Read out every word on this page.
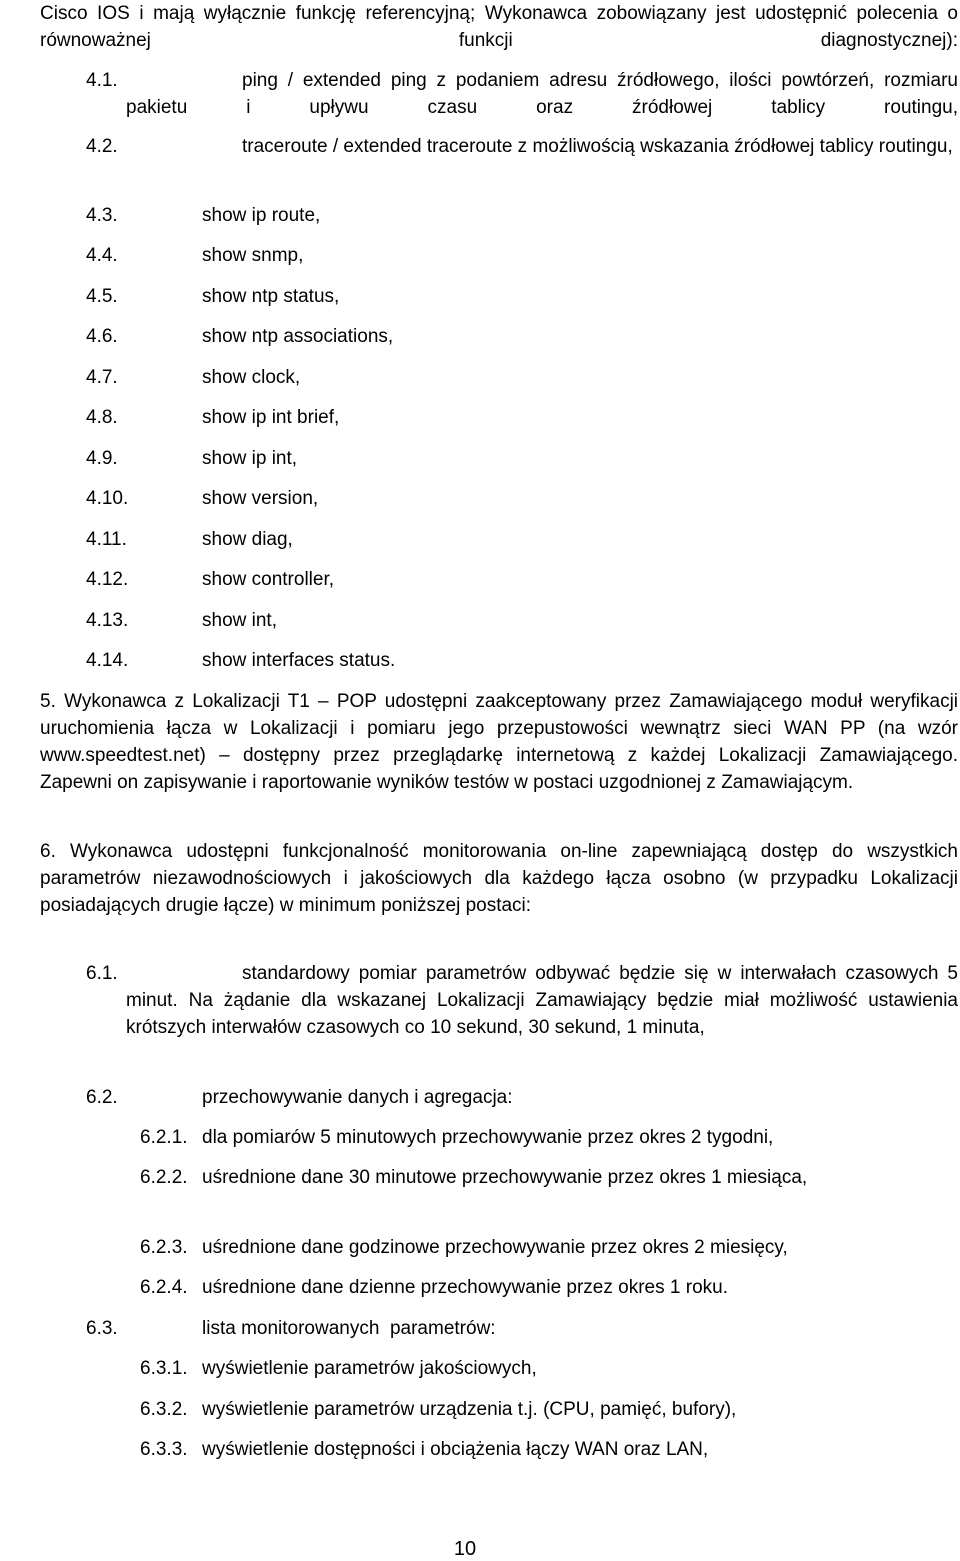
Cisco IOS i mają wyłącznie funkcję referencyjną; Wykonawca zobowiązany jest udostępnić polecenia o równoważnej funkcji diagnostycznej):
4.1.	ping / extended ping z podaniem adresu źródłowego, ilości powtórzeń, rozmiaru pakietu i upływu czasu oraz źródłowej tablicy routingu,
4.2.	traceroute / extended traceroute z możliwością wskazania źródłowej tablicy routingu,
4.3.	show ip route,
4.4.	show snmp,
4.5.	show ntp status,
4.6.	show ntp associations,
4.7.	show clock,
4.8.	show ip int brief,
4.9.	show ip int,
4.10.	show version,
4.11.	show diag,
4.12.	show controller,
4.13.	show int,
4.14.	show interfaces status.
5. Wykonawca z Lokalizacji T1 – POP udostępni zaakceptowany przez Zamawiającego moduł weryfikacji uruchomienia łącza w Lokalizacji i pomiaru jego przepustowości wewnątrz sieci WAN PP (na wzór www.speedtest.net) – dostępny przez przeglądarkę internetową z każdej Lokalizacji Zamawiającego. Zapewni on zapisywanie i raportowanie wyników testów w postaci uzgodnionej z Zamawiającym.
6. Wykonawca udostępni funkcjonalność monitorowania on-line zapewniającą dostęp do wszystkich parametrów niezawodnościowych i jakościowych dla każdego łącza osobno (w przypadku Lokalizacji posiadających drugie łącze) w minimum poniższej postaci:
6.1.	standardowy pomiar parametrów odbywać będzie się w interwałach czasowych 5 minut. Na żądanie dla wskazanej Lokalizacji Zamawiający będzie miał możliwość ustawienia krótszych interwałów czasowych co 10 sekund, 30 sekund, 1 minuta,
6.2.	przechowywanie danych i agregacja:
6.2.1. dla pomiarów 5 minutowych przechowywanie przez okres 2 tygodni,
6.2.2. uśrednione dane 30 minutowe przechowywanie przez okres 1 miesiąca,
6.2.3. uśrednione dane godzinowe przechowywanie przez okres 2 miesięcy,
6.2.4. uśrednione dane dzienne przechowywanie przez okres 1 roku.
6.3.	lista monitorowanych  parametrów:
6.3.1. wyświetlenie parametrów jakościowych,
6.3.2. wyświetlenie parametrów urządzenia t.j. (CPU, pamięć, bufory),
6.3.3. wyświetlenie dostępności i obciążenia łączy WAN oraz LAN,
10
